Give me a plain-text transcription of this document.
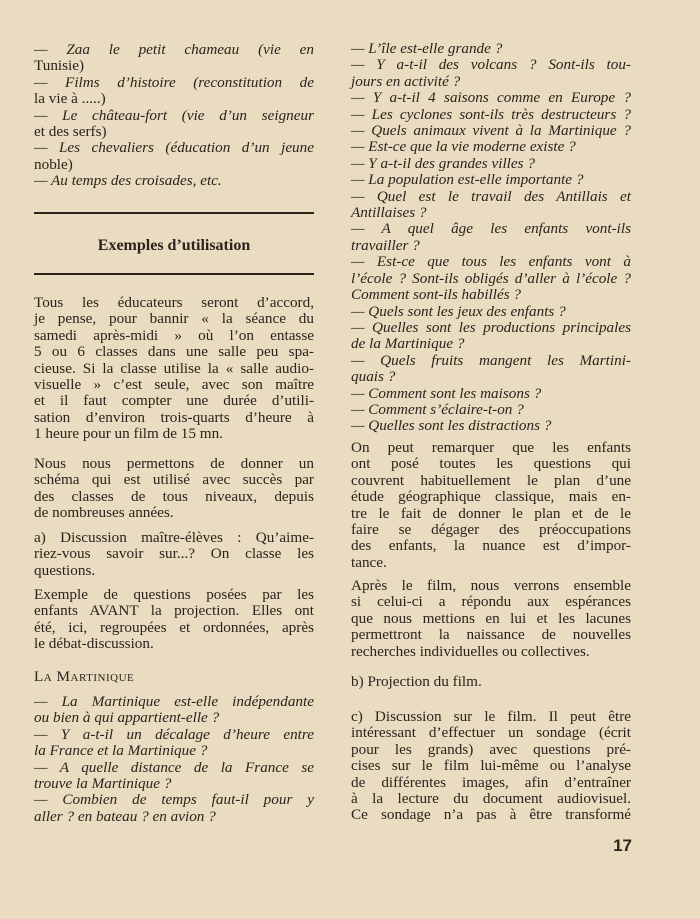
— Zaa le petit chameau (vie en
Tunisie)
— Films d’histoire (reconstitution de
la vie à .....)
— Le château-fort (vie d’un seigneur
et des serfs)
— Les chevaliers (éducation d’un jeune
noble)
— Au temps des croisades, etc.
Exemples d’utilisation
Tous les éducateurs seront d’accord,
je pense, pour bannir « la séance du
samedi après-midi » où l’on entasse
5 ou 6 classes dans une salle peu spa-
cieuse. Si la classe utilise la « salle audio-
visuelle » c’est seule, avec son maître
et il faut compter une durée d’utili-
sation d’environ trois-quarts d’heure à
1 heure pour un film de 15 mn.
Nous nous permettons de donner un
schéma qui est utilisé avec succès par
des classes de tous niveaux, depuis
de nombreuses années.
a) Discussion maître-élèves : Qu’aime-
riez-vous savoir sur...? On classe les
questions.
Exemple de questions posées par les
enfants AVANT la projection. Elles ont
été, ici, regroupées et ordonnées, après
le débat-discussion.
La Martinique
— La Martinique est-elle indépendante
ou bien à qui appartient-elle ?
— Y a-t-il un décalage d’heure entre
la France et la Martinique ?
— A quelle distance de la France se
trouve la Martinique ?
— Combien de temps faut-il pour y
aller ? en bateau ? en avion ?
— L’île est-elle grande ?
— Y a-t-il des volcans ? Sont-ils tou-
jours en activité ?
— Y a-t-il 4 saisons comme en Europe ?
— Les cyclones sont-ils très destructeurs ?
— Quels animaux vivent à la Martinique ?
— Est-ce que la vie moderne existe ?
— Y a-t-il des grandes villes ?
— La population est-elle importante ?
— Quel est le travail des Antillais et
Antillaises ?
— A quel âge les enfants vont-ils
travailler ?
— Est-ce que tous les enfants vont à
l’école ? Sont-ils obligés d’aller à l’école ?
Comment sont-ils habillés ?
— Quels sont les jeux des enfants ?
— Quelles sont les productions principales
de la Martinique ?
— Quels fruits mangent les Martini-
quais ?
— Comment sont les maisons ?
— Comment s’éclaire-t-on ?
— Quelles sont les distractions ?
On peut remarquer que les enfants
ont posé toutes les questions qui
couvrent habituellement le plan d’une
étude géographique classique, mais en-
tre le fait de donner le plan et de le
faire se dégager des préoccupations
des enfants, la nuance est d’impor-
tance.
Après le film, nous verrons ensemble
si celui-ci a répondu aux espérances
que nous mettions en lui et les lacunes
permettront la naissance de nouvelles
recherches individuelles ou collectives.
b) Projection du film.
c) Discussion sur le film. Il peut être
intéressant d’effectuer un sondage (écrit
pour les grands) avec questions pré-
cises sur le film lui-même ou l’analyse
de différentes images, afin d’entraîner
à la lecture du document audiovisuel.
Ce sondage n’a pas à être transformé
17
